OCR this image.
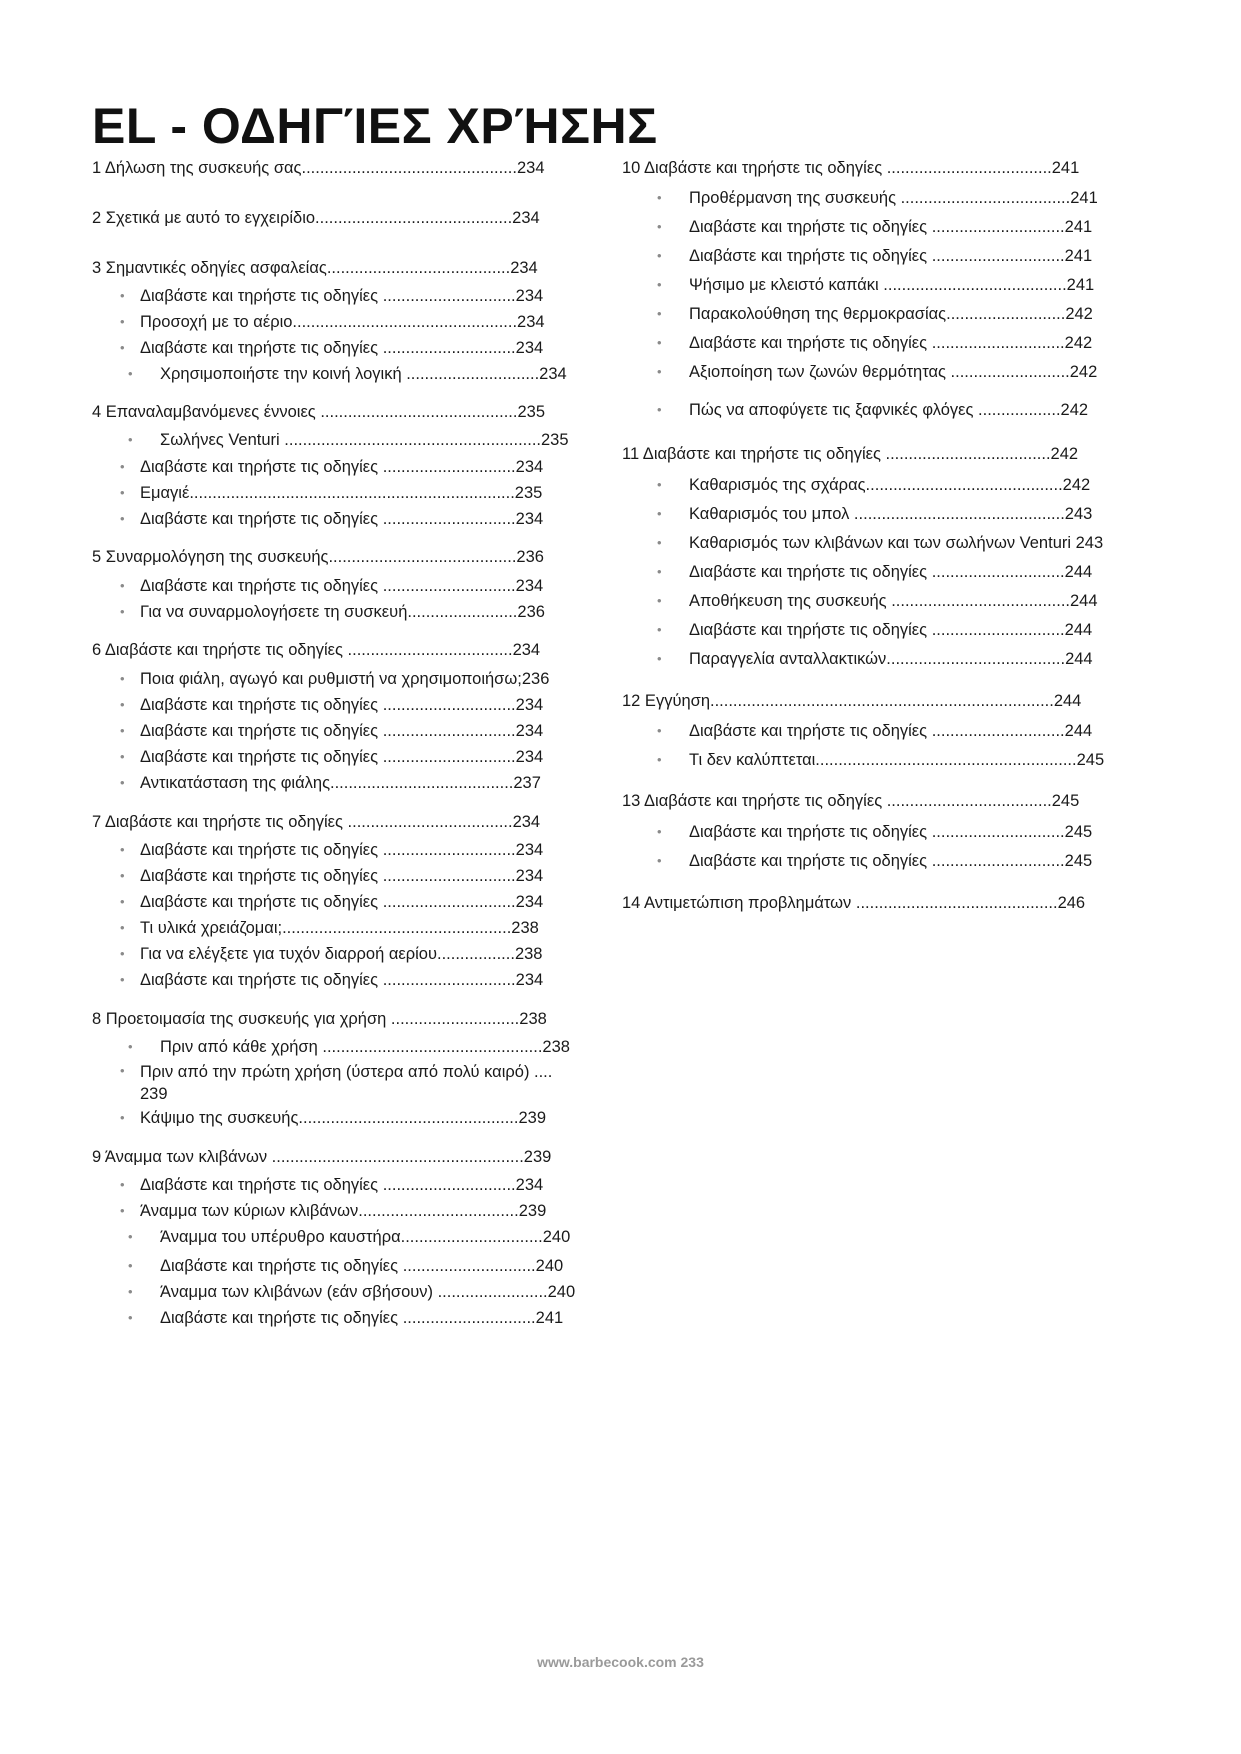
EL - ΟΔΗΓΊΕΣ ΧΡΉΣΗΣ
1 Δήλωση της συσκευής σας...............................................234
2 Σχετικά με αυτό το εγχειρίδιο...........................................234
3 Σημαντικές οδηγίες ασφαλείας........................................234
• Διαβάστε και τηρήστε τις οδηγίες .............................234
• Προσοχή με το αέριο.................................................234
• Διαβάστε και τηρήστε τις οδηγίες .............................234
• Χρησιμοποιήστε την κοινή λογική .............................234
4 Επαναλαμβανόμενες έννοιες ...........................................235
• Σωλήνες Venturi ........................................................235
• Διαβάστε και τηρήστε τις οδηγίες .............................234
• Εμαγιέ.......................................................................235
• Διαβάστε και τηρήστε τις οδηγίες .............................234
5 Συναρμολόγηση της συσκευής.........................................236
• Διαβάστε και τηρήστε τις οδηγίες .............................234
• Για να συναρμολογήσετε τη συσκευή........................236
6 Διαβάστε και τηρήστε τις οδηγίες ....................................234
• Ποια φιάλη, αγωγό και ρυθμιστή να χρησιμοποιήσω;236
• Διαβάστε και τηρήστε τις οδηγίες .............................234
• Διαβάστε και τηρήστε τις οδηγίες .............................234
• Διαβάστε και τηρήστε τις οδηγίες .............................234
• Αντικατάσταση της φιάλης........................................237
7 Διαβάστε και τηρήστε τις οδηγίες ....................................234
• Διαβάστε και τηρήστε τις οδηγίες .............................234
• Διαβάστε και τηρήστε τις οδηγίες .............................234
• Διαβάστε και τηρήστε τις οδηγίες .............................234
• Τι υλικά χρειάζομαι;..................................................238
• Για να ελέγξετε για τυχόν διαρροή αερίου.................238
• Διαβάστε και τηρήστε τις οδηγίες .............................234
8 Προετοιμασία της συσκευής για χρήση ............................238
• Πριν από κάθε χρήση ................................................238
• Πριν από την πρώτη χρήση (ύστερα από πολύ καιρό) .... 239
• Κάψιμο της συσκευής................................................239
9 Άναμμα των κλιβάνων .......................................................239
• Διαβάστε και τηρήστε τις οδηγίες .............................234
• Άναμμα των κύριων κλιβάνων...................................239
• Άναμμα του υπέρυθρο καυστήρα...............................240
• Διαβάστε και τηρήστε τις οδηγίες .............................240
• Άναμμα των κλιβάνων (εάν σβήσουν) ........................240
• Διαβάστε και τηρήστε τις οδηγίες .............................241
10 Διαβάστε και τηρήστε τις οδηγίες ....................................241
• Προθέρμανση της συσκευής .....................................241
• Διαβάστε και τηρήστε τις οδηγίες .............................241
• Διαβάστε και τηρήστε τις οδηγίες .............................241
• Ψήσιμο με κλειστό καπάκι ........................................241
• Παρακολούθηση της θερμοκρασίας..........................242
• Διαβάστε και τηρήστε τις οδηγίες .............................242
• Αξιοποίηση των ζωνών θερμότητας ..........................242
• Πώς να αποφύγετε τις ξαφνικές φλόγες ..................242
11 Διαβάστε και τηρήστε τις οδηγίες ....................................242
• Καθαρισμός της σχάρας...........................................242
• Καθαρισμός του μπολ ..............................................243
• Καθαρισμός των κλιβάνων και των σωλήνων Venturi 243
• Διαβάστε και τηρήστε τις οδηγίες .............................244
• Αποθήκευση της συσκευής .......................................244
• Διαβάστε και τηρήστε τις οδηγίες .............................244
• Παραγγελία ανταλλακτικών.......................................244
12 Εγγύηση...........................................................................244
• Διαβάστε και τηρήστε τις οδηγίες .............................244
• Τι δεν καλύπτεται.........................................................245
13 Διαβάστε και τηρήστε τις οδηγίες ....................................245
• Διαβάστε και τηρήστε τις οδηγίες .............................245
• Διαβάστε και τηρήστε τις οδηγίες .............................245
14 Αντιμετώπιση προβλημάτων ............................................246
www.barbecook.com 233
